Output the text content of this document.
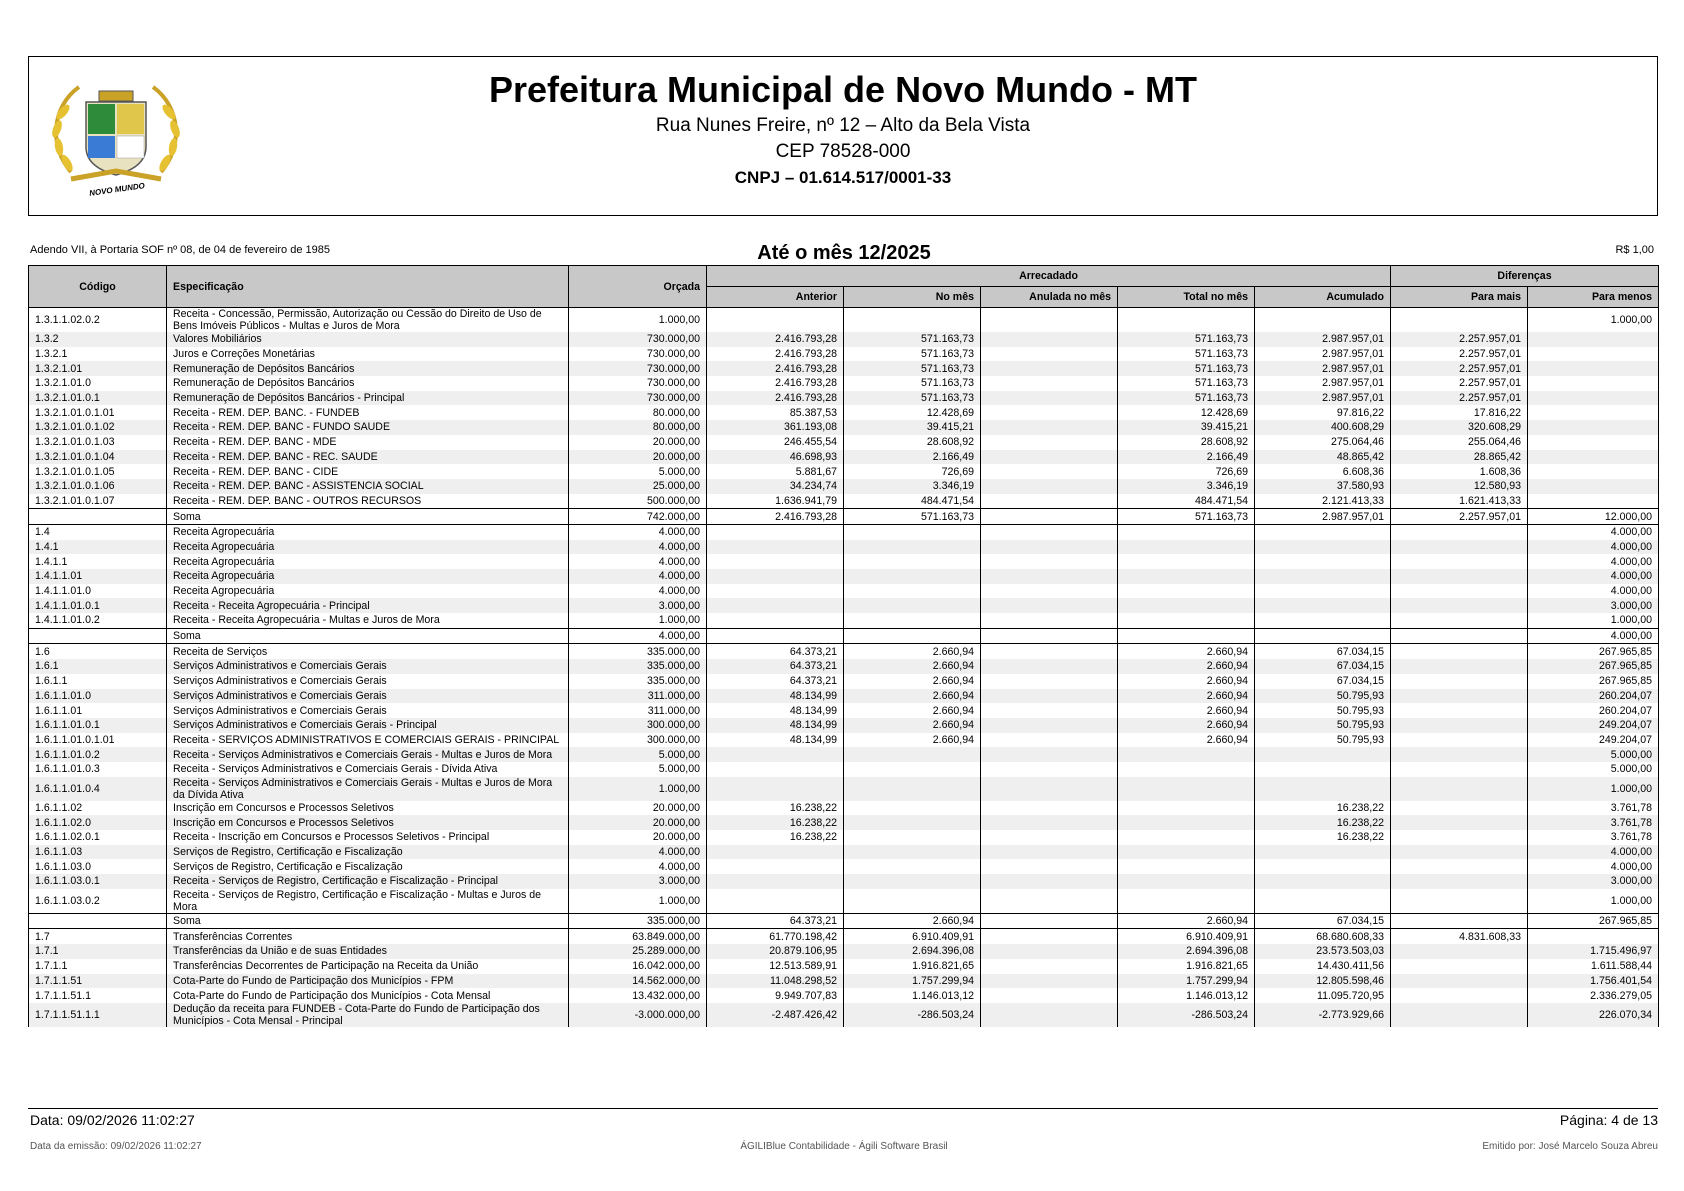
NOVO MUNDO
Prefeitura Municipal de Novo Mundo - MT
Rua Nunes Freire, nº 12 – Alto da Bela Vista
CEP 78528-000
CNPJ – 01.614.517/0001-33
Adendo VII, à Portaria SOF nº 08, de 04 de fevereiro de 1985	Até o mês 12/2025	R$ 1,00
Código	Especificação	Orçada	Arrecadado					Diferenças	
			Anterior	No mês	Anulada no mês	Total no mês	Acumulado	Para mais	Para menos
1.3.1.1.02.0.2	Receita - Concessão, Permissão, Autorização ou Cessão do Direito de Uso de Bens Imóveis Públicos - Multas e Juros de Mora	1.000,00							1.000,00
1.3.2	Valores Mobiliários	730.000,00	2.416.793,28	571.163,73		571.163,73	2.987.957,01	2.257.957,01	
1.3.2.1	Juros e Correções Monetárias	730.000,00	2.416.793,28	571.163,73		571.163,73	2.987.957,01	2.257.957,01	
1.3.2.1.01	Remuneração de Depósitos Bancários	730.000,00	2.416.793,28	571.163,73		571.163,73	2.987.957,01	2.257.957,01	
1.3.2.1.01.0	Remuneração de Depósitos Bancários	730.000,00	2.416.793,28	571.163,73		571.163,73	2.987.957,01	2.257.957,01	
1.3.2.1.01.0.1	Remuneração de Depósitos Bancários - Principal	730.000,00	2.416.793,28	571.163,73		571.163,73	2.987.957,01	2.257.957,01	
1.3.2.1.01.0.1.01	Receita - REM. DEP. BANC. - FUNDEB	80.000,00	85.387,53	12.428,69		12.428,69	97.816,22	17.816,22	
1.3.2.1.01.0.1.02	Receita - REM. DEP. BANC - FUNDO SAUDE	80.000,00	361.193,08	39.415,21		39.415,21	400.608,29	320.608,29	
1.3.2.1.01.0.1.03	Receita - REM. DEP. BANC - MDE	20.000,00	246.455,54	28.608,92		28.608,92	275.064,46	255.064,46	
1.3.2.1.01.0.1.04	Receita - REM. DEP. BANC - REC. SAUDE	20.000,00	46.698,93	2.166,49		2.166,49	48.865,42	28.865,42	
1.3.2.1.01.0.1.05	Receita - REM. DEP. BANC - CIDE	5.000,00	5.881,67	726,69		726,69	6.608,36	1.608,36	
1.3.2.1.01.0.1.06	Receita - REM. DEP. BANC - ASSISTENCIA SOCIAL	25.000,00	34.234,74	3.346,19		3.346,19	37.580,93	12.580,93	
1.3.2.1.01.0.1.07	Receita - REM. DEP. BANC - OUTROS RECURSOS	500.000,00	1.636.941,79	484.471,54		484.471,54	2.121.413,33	1.621.413,33	
	Soma	742.000,00	2.416.793,28	571.163,73		571.163,73	2.987.957,01	2.257.957,01	12.000,00
1.4	Receita Agropecuária	4.000,00							4.000,00
1.4.1	Receita Agropecuária	4.000,00							4.000,00
1.4.1.1	Receita Agropecuária	4.000,00							4.000,00
1.4.1.1.01	Receita Agropecuária	4.000,00							4.000,00
1.4.1.1.01.0	Receita Agropecuária	4.000,00							4.000,00
1.4.1.1.01.0.1	Receita - Receita Agropecuária - Principal	3.000,00							3.000,00
1.4.1.1.01.0.2	Receita - Receita Agropecuária - Multas e Juros de Mora	1.000,00							1.000,00
	Soma	4.000,00							4.000,00
1.6	Receita de Serviços	335.000,00	64.373,21	2.660,94		2.660,94	67.034,15		267.965,85
1.6.1	Serviços Administrativos e Comerciais Gerais	335.000,00	64.373,21	2.660,94		2.660,94	67.034,15		267.965,85
1.6.1.1	Serviços Administrativos e Comerciais Gerais	335.000,00	64.373,21	2.660,94		2.660,94	67.034,15		267.965,85
1.6.1.1.01.0	Serviços Administrativos e Comerciais Gerais	311.000,00	48.134,99	2.660,94		2.660,94	50.795,93		260.204,07
1.6.1.1.01	Serviços Administrativos e Comerciais Gerais	311.000,00	48.134,99	2.660,94		2.660,94	50.795,93		260.204,07
1.6.1.1.01.0.1	Serviços Administrativos e Comerciais Gerais - Principal	300.000,00	48.134,99	2.660,94		2.660,94	50.795,93		249.204,07
1.6.1.1.01.0.1.01	Receita - SERVIÇOS ADMINISTRATIVOS E COMERCIAIS GERAIS - PRINCIPAL	300.000,00	48.134,99	2.660,94		2.660,94	50.795,93		249.204,07
1.6.1.1.01.0.2	Receita - Serviços Administrativos e Comerciais Gerais - Multas e Juros de Mora	5.000,00							5.000,00
1.6.1.1.01.0.3	Receita - Serviços Administrativos e Comerciais Gerais - Dívida Ativa	5.000,00							5.000,00
1.6.1.1.01.0.4	Receita - Serviços Administrativos e Comerciais Gerais - Multas e Juros de Mora da Dívida Ativa	1.000,00							1.000,00
1.6.1.1.02	Inscrição em Concursos e Processos Seletivos	20.000,00	16.238,22				16.238,22		3.761,78
1.6.1.1.02.0	Inscrição em Concursos e Processos Seletivos	20.000,00	16.238,22				16.238,22		3.761,78
1.6.1.1.02.0.1	Receita - Inscrição em Concursos e Processos Seletivos - Principal	20.000,00	16.238,22				16.238,22		3.761,78
1.6.1.1.03	Serviços de Registro, Certificação e Fiscalização	4.000,00							4.000,00
1.6.1.1.03.0	Serviços de Registro, Certificação e Fiscalização	4.000,00							4.000,00
1.6.1.1.03.0.1	Receita - Serviços de Registro, Certificação e Fiscalização - Principal	3.000,00							3.000,00
1.6.1.1.03.0.2	Receita - Serviços de Registro, Certificação e Fiscalização - Multas e Juros de Mora	1.000,00							1.000,00
	Soma	335.000,00	64.373,21	2.660,94		2.660,94	67.034,15		267.965,85
1.7	Transferências Correntes	63.849.000,00	61.770.198,42	6.910.409,91		6.910.409,91	68.680.608,33	4.831.608,33	
1.7.1	Transferências da União e de suas Entidades	25.289.000,00	20.879.106,95	2.694.396,08		2.694.396,08	23.573.503,03		1.715.496,97
1.7.1.1	Transferências Decorrentes de Participação na Receita da União	16.042.000,00	12.513.589,91	1.916.821,65		1.916.821,65	14.430.411,56		1.611.588,44
1.7.1.1.51	Cota-Parte do Fundo de Participação dos Municípios - FPM	14.562.000,00	11.048.298,52	1.757.299,94		1.757.299,94	12.805.598,46		1.756.401,54
1.7.1.1.51.1	Cota-Parte do Fundo de Participação dos Municípios - Cota Mensal	13.432.000,00	9.949.707,83	1.146.013,12		1.146.013,12	11.095.720,95		2.336.279,05
1.7.1.1.51.1.1	Dedução da receita para FUNDEB - Cota-Parte do Fundo de Participação dos Municípios - Cota Mensal - Principal	-3.000.000,00	-2.487.426,42	-286.503,24		-286.503,24	-2.773.929,66		226.070,34
Data: 09/02/2026 11:02:27	Página: 4 de 13
Data da emissão: 09/02/2026 11:02:27	ÁGILIBlue Contabilidade - Ágili Software Brasil	Emitido por: José Marcelo Souza Abreu
